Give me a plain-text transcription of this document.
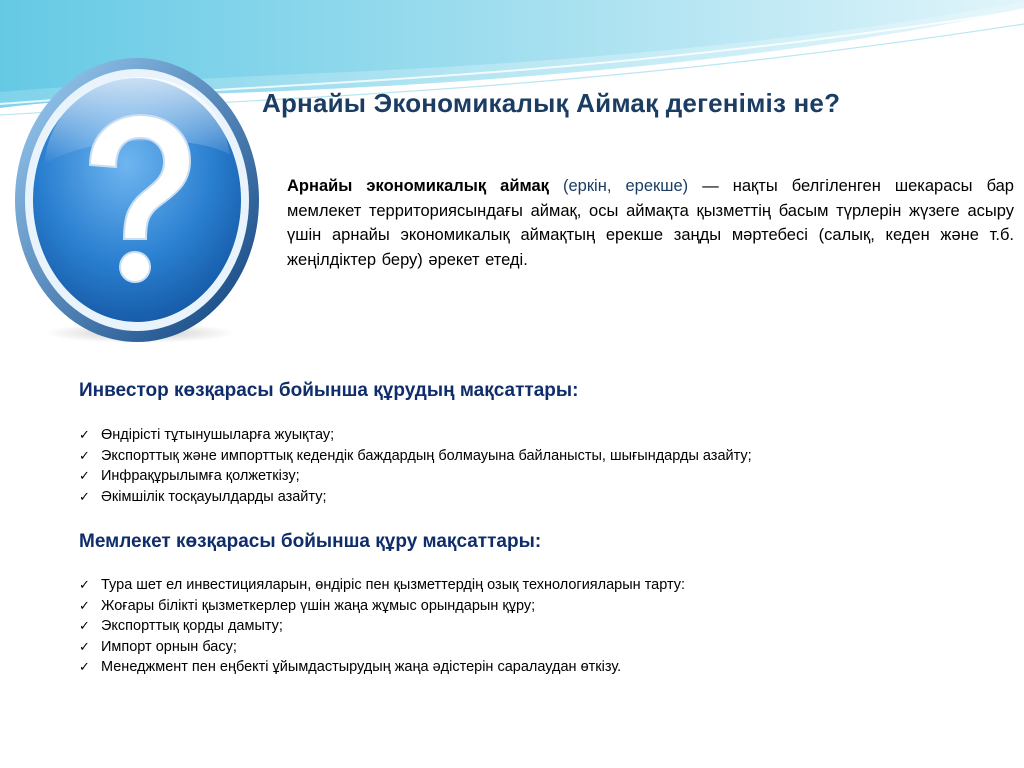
Арнайы Экономикалық Аймақ дегеніміз не?

Арнайы экономикалық аймақ (еркін, ерекше) — нақты белгіленген шекарасы бар мемлекет территориясындағы аймақ, осы аймақта қызметтің басым түрлерін жүзеге асыру үшін арнайы экономикалық аймақтың ерекше заңды мәртебесі (салық, кеден және т.б. жеңілдіктер беру) әрекет етеді.

Инвестор көзқарасы бойынша құрудың мақсаттары:
✓ Өндірісті тұтынушыларға жуықтау;
✓ Экспорттық және импорттық кедендік баждардың болмауына байланысты, шығындарды азайту;
✓ Инфрақұрылымға қолжеткізу;
✓ Әкімшілік тосқауылдарды азайту;
Мемлекет көзқарасы бойынша құру мақсаттары:
✓ Тура шет ел инвестицияларын, өндіріс пен қызметтердің озық технологияларын тарту:
✓ Жоғары білікті қызметкерлер үшін жаңа жұмыс орындарын құру;
✓ Экспорттық қорды дамыту;
✓ Импорт орнын басу;
✓ Менеджмент пен еңбекті ұйымдастырудың жаңа әдістерін саралаудан өткізу.
